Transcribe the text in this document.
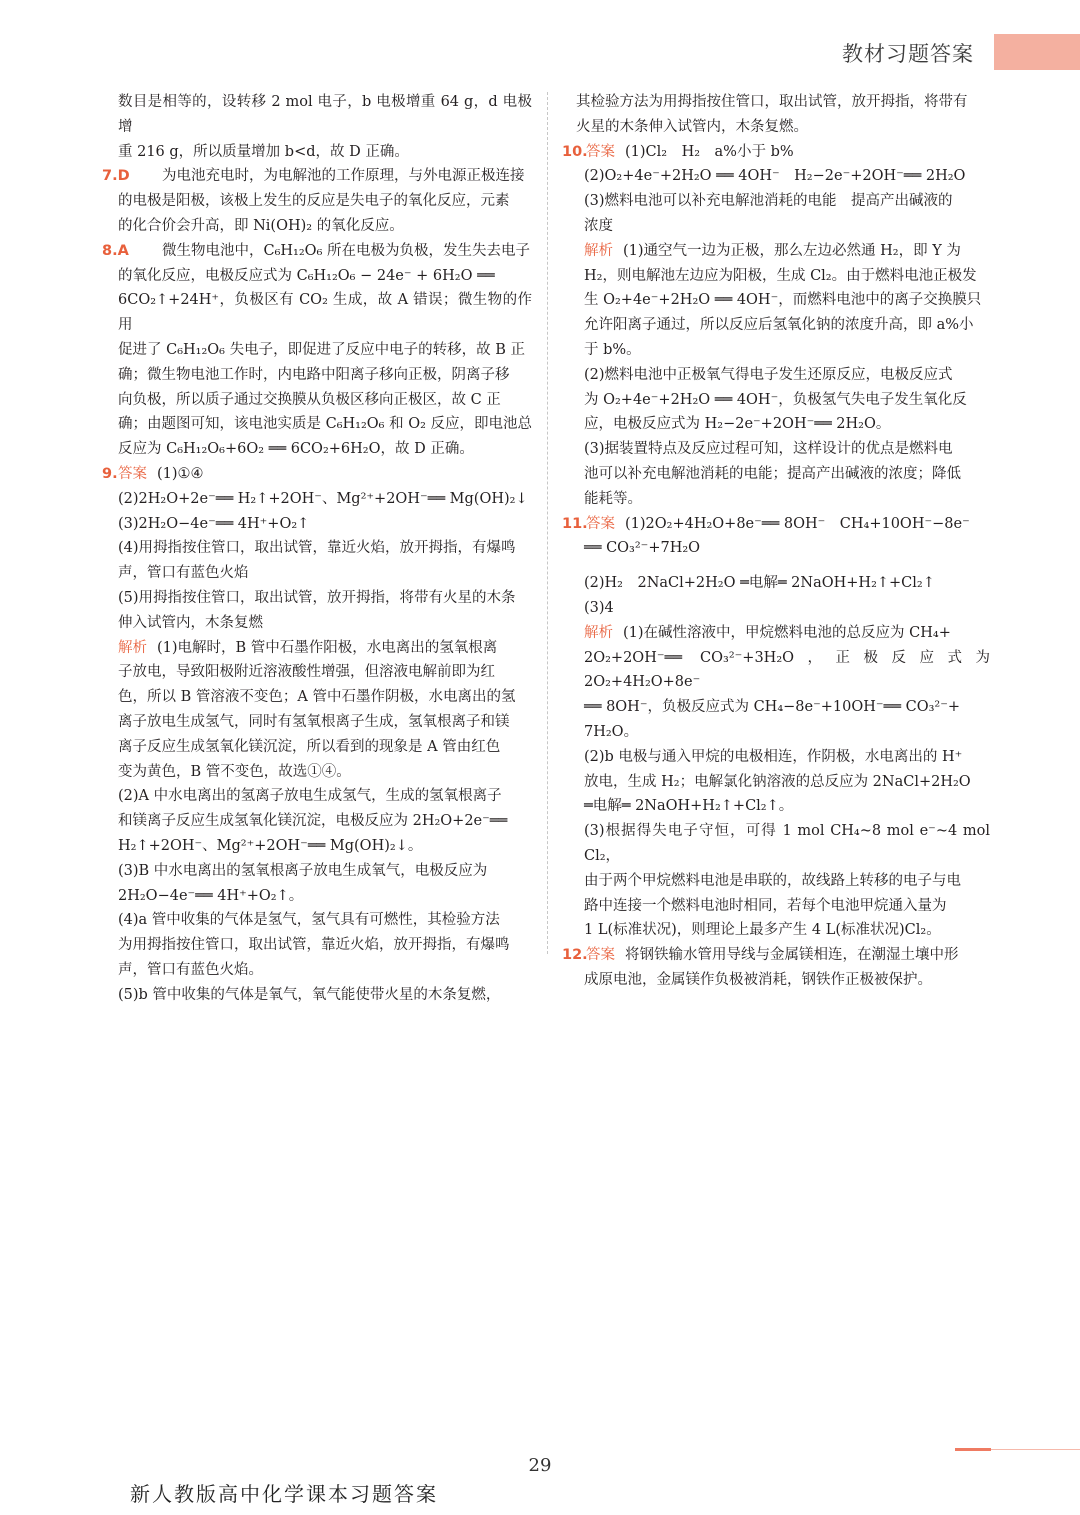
教材习题答案

数目是相等的，设转移 2 mol 电子，b 电极增重 64 g，d 电极增

重 216 g，所以质量增加 b<d，故 D 正确。

7.D 为电池充电时，为电解池的工作原理，与外电源正极连接

的电极是阳极，该极上发生的反应是失电子的氧化反应，元素

的化合价会升高，即 Ni(OH)₂ 的氧化反应。

8.A 微生物电池中，C₆H₁₂O₆ 所在电极为负极，发生失去电子

的氧化反应，电极反应式为 C₆H₁₂O₆ − 24e⁻ + 6H₂O ══

6CO₂↑+24H⁺，负极区有 CO₂ 生成，故 A 错误；微生物的作用

促进了 C₆H₁₂O₆ 失电子，即促进了反应中电子的转移，故 B 正

确；微生物电池工作时，内电路中阳离子移向正极，阴离子移

向负极，所以质子通过交换膜从负极区移向正极区，故 C 正

确；由题图可知，该电池实质是 C₆H₁₂O₆ 和 O₂ 反应，即电池总

反应为 C₆H₁₂O₆+6O₂ ══ 6CO₂+6H₂O，故 D 正确。

9. 答案 (1)①④

(2)2H₂O+2e⁻══ H₂↑+2OH⁻、Mg²⁺+2OH⁻══ Mg(OH)₂↓

(3)2H₂O−4e⁻══ 4H⁺+O₂↑

(4)用拇指按住管口，取出试管，靠近火焰，放开拇指，有爆鸣

声，管口有蓝色火焰

(5)用拇指按住管口，取出试管，放开拇指，将带有火星的木条

伸入试管内，木条复燃

解析 (1)电解时，B 管中石墨作阳极，水电离出的氢氧根离

子放电，导致阳极附近溶液酸性增强，但溶液电解前即为红

色，所以 B 管溶液不变色；A 管中石墨作阴极，水电离出的氢

离子放电生成氢气，同时有氢氧根离子生成，氢氧根离子和镁

离子反应生成氢氧化镁沉淀，所以看到的现象是 A 管由红色

变为黄色，B 管不变色，故选①④。

(2)A 中水电离出的氢离子放电生成氢气，生成的氢氧根离子

和镁离子反应生成氢氧化镁沉淀，电极反应为 2H₂O+2e⁻══

H₂↑+2OH⁻、Mg²⁺+2OH⁻══ Mg(OH)₂↓。

(3)B 中水电离出的氢氧根离子放电生成氧气，电极反应为

2H₂O−4e⁻══ 4H⁺+O₂↑。

(4)a 管中收集的气体是氢气，氢气具有可燃性，其检验方法

为用拇指按住管口，取出试管，靠近火焰，放开拇指，有爆鸣

声，管口有蓝色火焰。

(5)b 管中收集的气体是氧气，氧气能使带火星的木条复燃，

其检验方法为用拇指按住管口，取出试管，放开拇指，将带有

火星的木条伸入试管内，木条复燃。

10.
答案 (1)Cl₂　H₂　a%小于 b%

(2)O₂+4e⁻+2H₂O ══ 4OH⁻　H₂−2e⁻+2OH⁻══ 2H₂O

(3)燃料电池可以补充电解池消耗的电能　提高产出碱液的

浓度

解析 (1)通空气一边为正极，那么左边必然通 H₂，即 Y 为

H₂，则电解池左边应为阳极，生成 Cl₂。由于燃料电池正极发

生 O₂+4e⁻+2H₂O ══ 4OH⁻，而燃料电池中的离子交换膜只

允许阳离子通过，所以反应后氢氧化钠的浓度升高，即 a%小

于 b%。

(2)燃料电池中正极氧气得电子发生还原反应，电极反应式

为 O₂+4e⁻+2H₂O ══ 4OH⁻，负极氢气失电子发生氧化反

应，电极反应式为 H₂−2e⁻+2OH⁻══ 2H₂O。

(3)据装置特点及反应过程可知，这样设计的优点是燃料电

池可以补充电解池消耗的电能；提高产出碱液的浓度；降低

能耗等。

11.
答案 (1)2O₂+4H₂O+8e⁻══ 8OH⁻　CH₄+10OH⁻−8e⁻

══ CO₃²⁻+7H₂O

(2)H₂　2NaCl+2H₂O ═电解═ 2NaOH+H₂↑+Cl₂↑

(3)4

解析 (1)在碱性溶液中，甲烷燃料电池的总反应为 CH₄+

2O₂+2OH⁻══ CO₃²⁻+3H₂O，正极反应式为 2O₂+4H₂O+8e⁻

══ 8OH⁻，负极反应式为 CH₄−8e⁻+10OH⁻══ CO₃²⁻+

7H₂O。

(2)b 电极与通入甲烷的电极相连，作阴极，水电离出的 H⁺

放电，生成 H₂；电解氯化钠溶液的总反应为 2NaCl+2H₂O

═电解═ 2NaOH+H₂↑+Cl₂↑。

(3)根据得失电子守恒，可得 1 mol CH₄~8 mol e⁻~4 mol Cl₂，

由于两个甲烷燃料电池是串联的，故线路上转移的电子与电

路中连接一个燃料电池时相同，若每个电池甲烷通入量为

1 L(标准状况)，则理论上最多产生 4 L(标准状况)Cl₂。

12.
答案 将钢铁输水管用导线与金属镁相连，在潮湿土壤中形

成原电池，金属镁作负极被消耗，钢铁作正极被保护。

29
新人教版高中化学课本习题答案
